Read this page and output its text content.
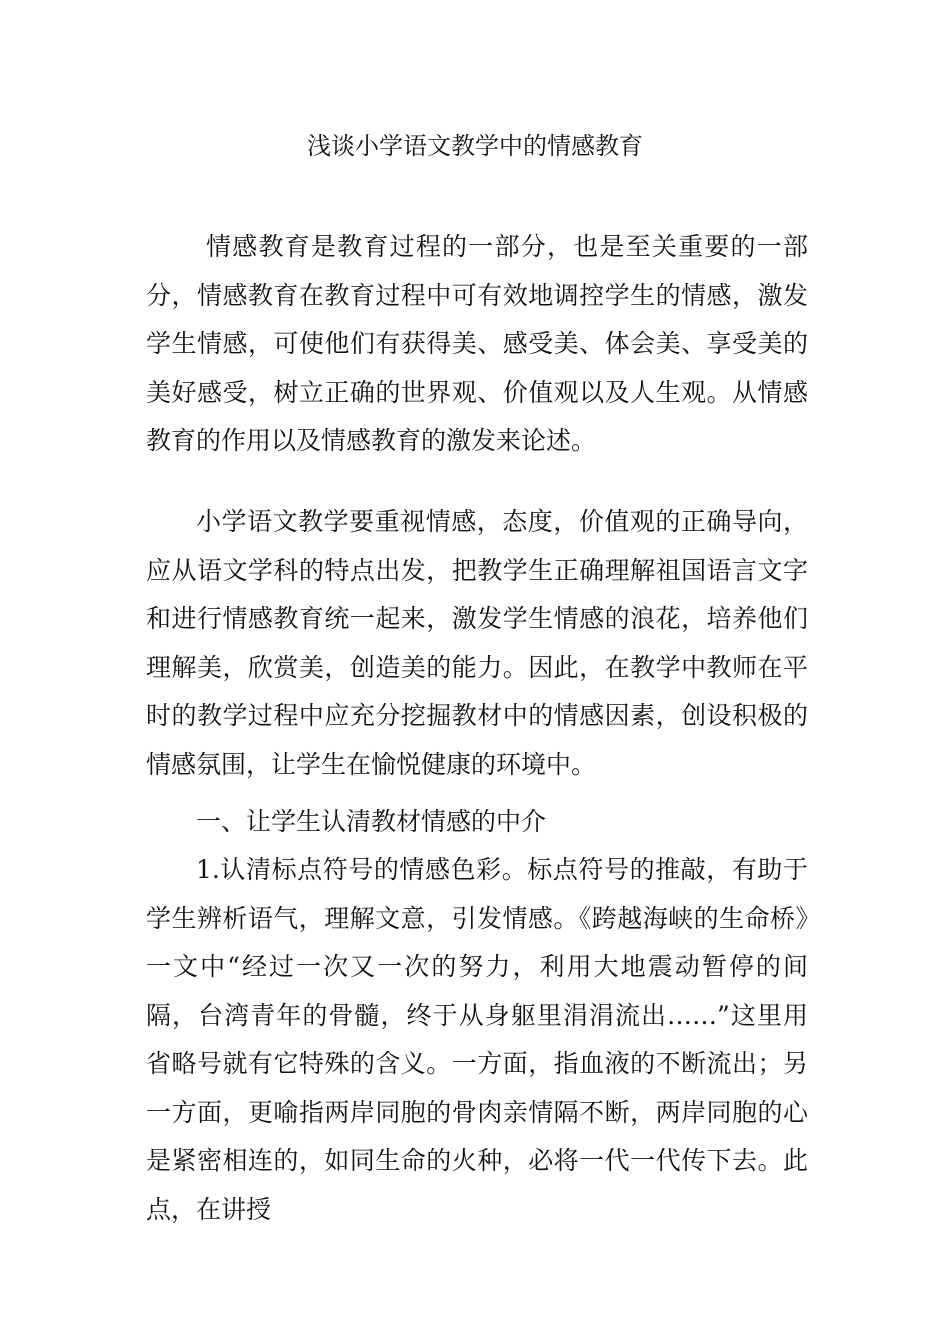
浅谈小学语文教学中的情感教育

情感教育是教育过程的一部分，也是至关重要的一部分，情感教育在教育过程中可有效地调控学生的情感，激发学生情感，可使他们有获得美、感受美、体会美、享受美的美好感受，树立正确的世界观、价值观以及人生观。从情感教育的作用以及情感教育的激发来论述。

小学语文教学要重视情感，态度，价值观的正确导向，应从语文学科的特点出发，把教学生正确理解祖国语言文字和进行情感教育统一起来，激发学生情感的浪花，培养他们理解美，欣赏美，创造美的能力。因此，在教学中教师在平时的教学过程中应充分挖掘教材中的情感因素，创设积极的情感氛围，让学生在愉悦健康的环境中。

一、让学生认清教材情感的中介

1.认清标点符号的情感色彩。标点符号的推敲，有助于学生辨析语气，理解文意，引发情感。《跨越海峡的生命桥》一文中“经过一次又一次的努力，利用大地震动暂停的间隔，台湾青年的骨髓，终于从身躯里涓涓流出……”这里用省略号就有它特殊的含义。一方面，指血液的不断流出；另一方面，更喻指两岸同胞的骨肉亲情隔不断，两岸同胞的心是紧密相连的，如同生命的火种，必将一代一代传下去。此点，在讲授
